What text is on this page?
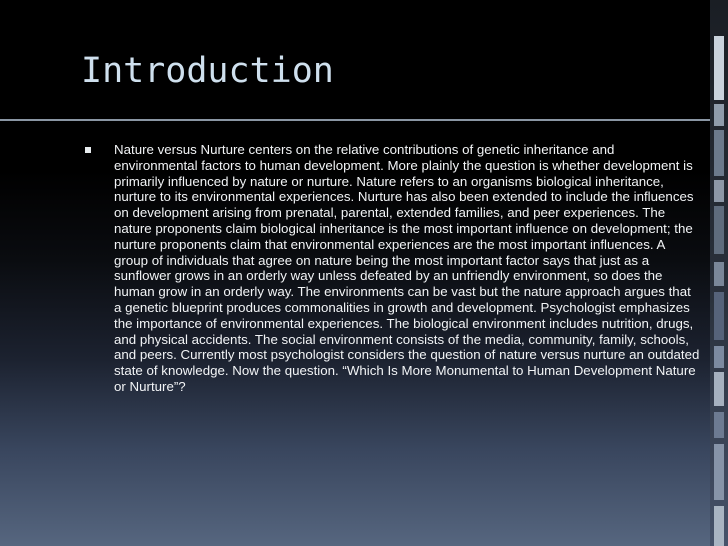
Introduction
Nature versus Nurture centers on the relative contributions of genetic inheritance and environmental factors to human development. More plainly the question is whether development is primarily influenced by nature or nurture. Nature refers to an organisms biological inheritance, nurture to its environmental experiences. Nurture has also been extended to include the influences on development arising from prenatal, parental, extended families, and peer experiences. The nature proponents claim biological inheritance is the most important influence on development; the nurture proponents claim that environmental experiences are the most important influences. A group of individuals that agree on nature being the most important factor says that just as a sunflower grows in an orderly way unless defeated by an unfriendly environment, so does the human grow in an orderly way. The environments can be vast but the nature approach argues that a genetic blueprint produces commonalities in growth and development. Psychologist emphasizes the importance of environmental experiences. The biological environment includes nutrition, drugs, and physical accidents. The social environment consists of the media, community, family, schools, and peers. Currently most psychologist considers the question of nature versus nurture an outdated state of knowledge. Now the question. “Which Is More Monumental to Human Development Nature or Nurture”?
